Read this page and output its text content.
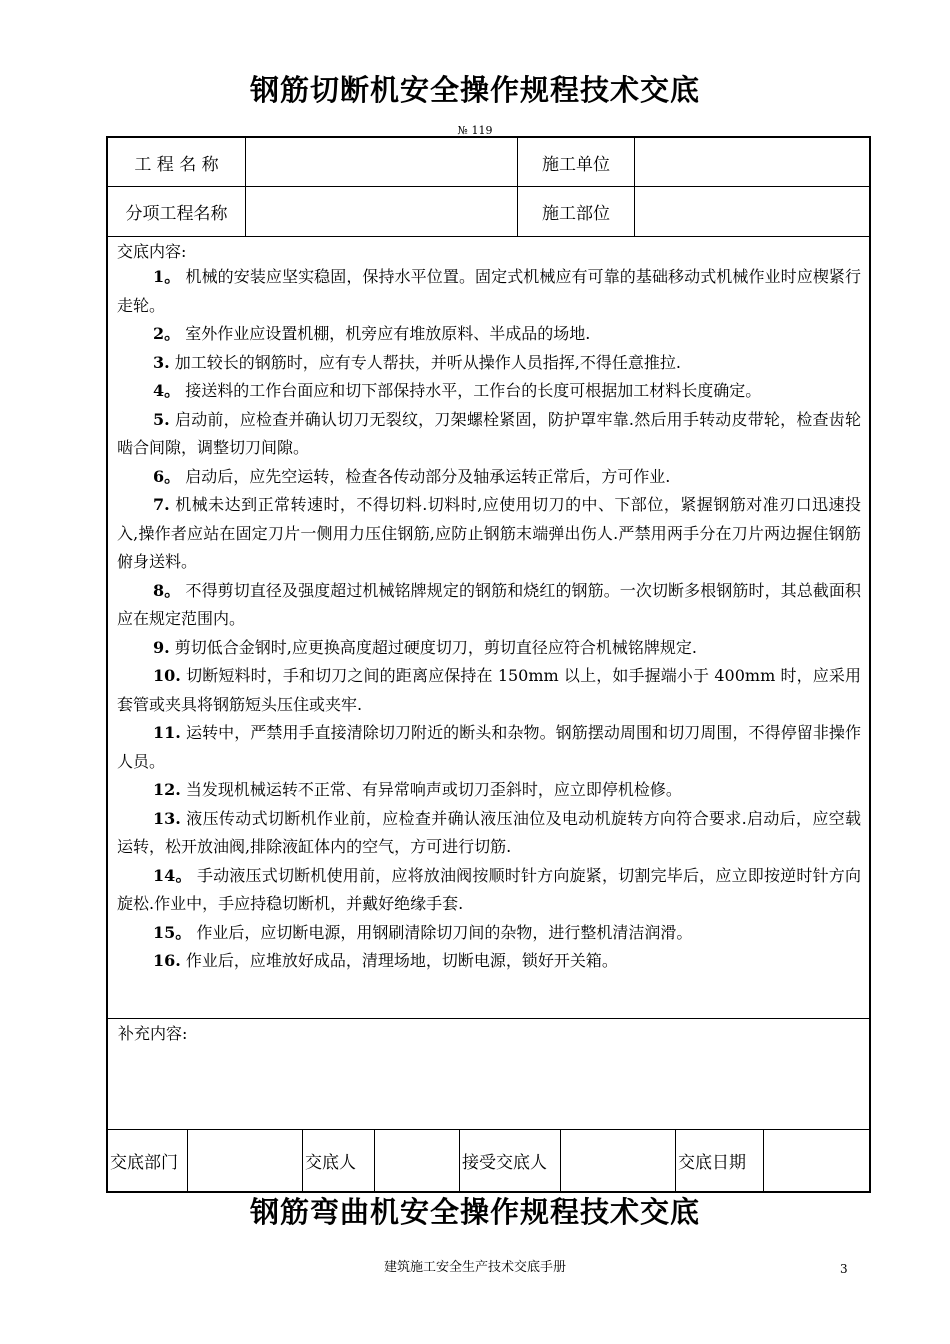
钢筋切断机安全操作规程技术交底
№ 119
工 程 名 称	施工单位
分项工程名称	施工部位
交底内容:

1。 机械的安装应坚实稳固，保持水平位置。固定式机械应有可靠的基础移动式机械作业时应楔紧行走轮。

2。 室外作业应设置机棚，机旁应有堆放原料、半成品的场地.

3. 加工较长的钢筋时，应有专人帮扶，并听从操作人员指挥,不得任意推拉.

4。 接送料的工作台面应和切下部保持水平，工作台的长度可根据加工材料长度确定。

5. 启动前，应检查并确认切刀无裂纹，刀架螺栓紧固，防护罩牢靠.然后用手转动皮带轮，检查齿轮啮合间隙，调整切刀间隙。

6。 启动后，应先空运转，检查各传动部分及轴承运转正常后，方可作业.

7. 机械未达到正常转速时，不得切料.切料时,应使用切刀的中、下部位，紧握钢筋对准刃口迅速投入,操作者应站在固定刀片一侧用力压住钢筋,应防止钢筋末端弹出伤人.严禁用两手分在刀片两边握住钢筋俯身送料。

8。 不得剪切直径及强度超过机械铭牌规定的钢筋和烧红的钢筋。一次切断多根钢筋时，其总截面积应在规定范围内。

9. 剪切低合金钢时,应更换高度超过硬度切刀，剪切直径应符合机械铭牌规定.

10. 切断短料时，手和切刀之间的距离应保持在 150mm 以上，如手握端小于 400mm 时，应采用套管或夹具将钢筋短头压住或夹牢.

11. 运转中，严禁用手直接清除切刀附近的断头和杂物。钢筋摆动周围和切刀周围，不得停留非操作人员。

12. 当发现机械运转不正常、有异常响声或切刀歪斜时，应立即停机检修。

13. 液压传动式切断机作业前，应检查并确认液压油位及电动机旋转方向符合要求.启动后，应空载运转，松开放油阀,排除液缸体内的空气，方可进行切筋.

14。 手动液压式切断机使用前，应将放油阀按顺时针方向旋紧，切割完毕后，应立即按逆时针方向旋松.作业中，手应持稳切断机，并戴好绝缘手套.

15。 作业后，应切断电源，用钢刷清除切刀间的杂物，进行整机清洁润滑。

16. 作业后，应堆放好成品，清理场地，切断电源，锁好开关箱。

补充内容:
交底部门	交底人	接受交底人	交底日期
钢筋弯曲机安全操作规程技术交底
建筑施工安全生产技术交底手册	3
